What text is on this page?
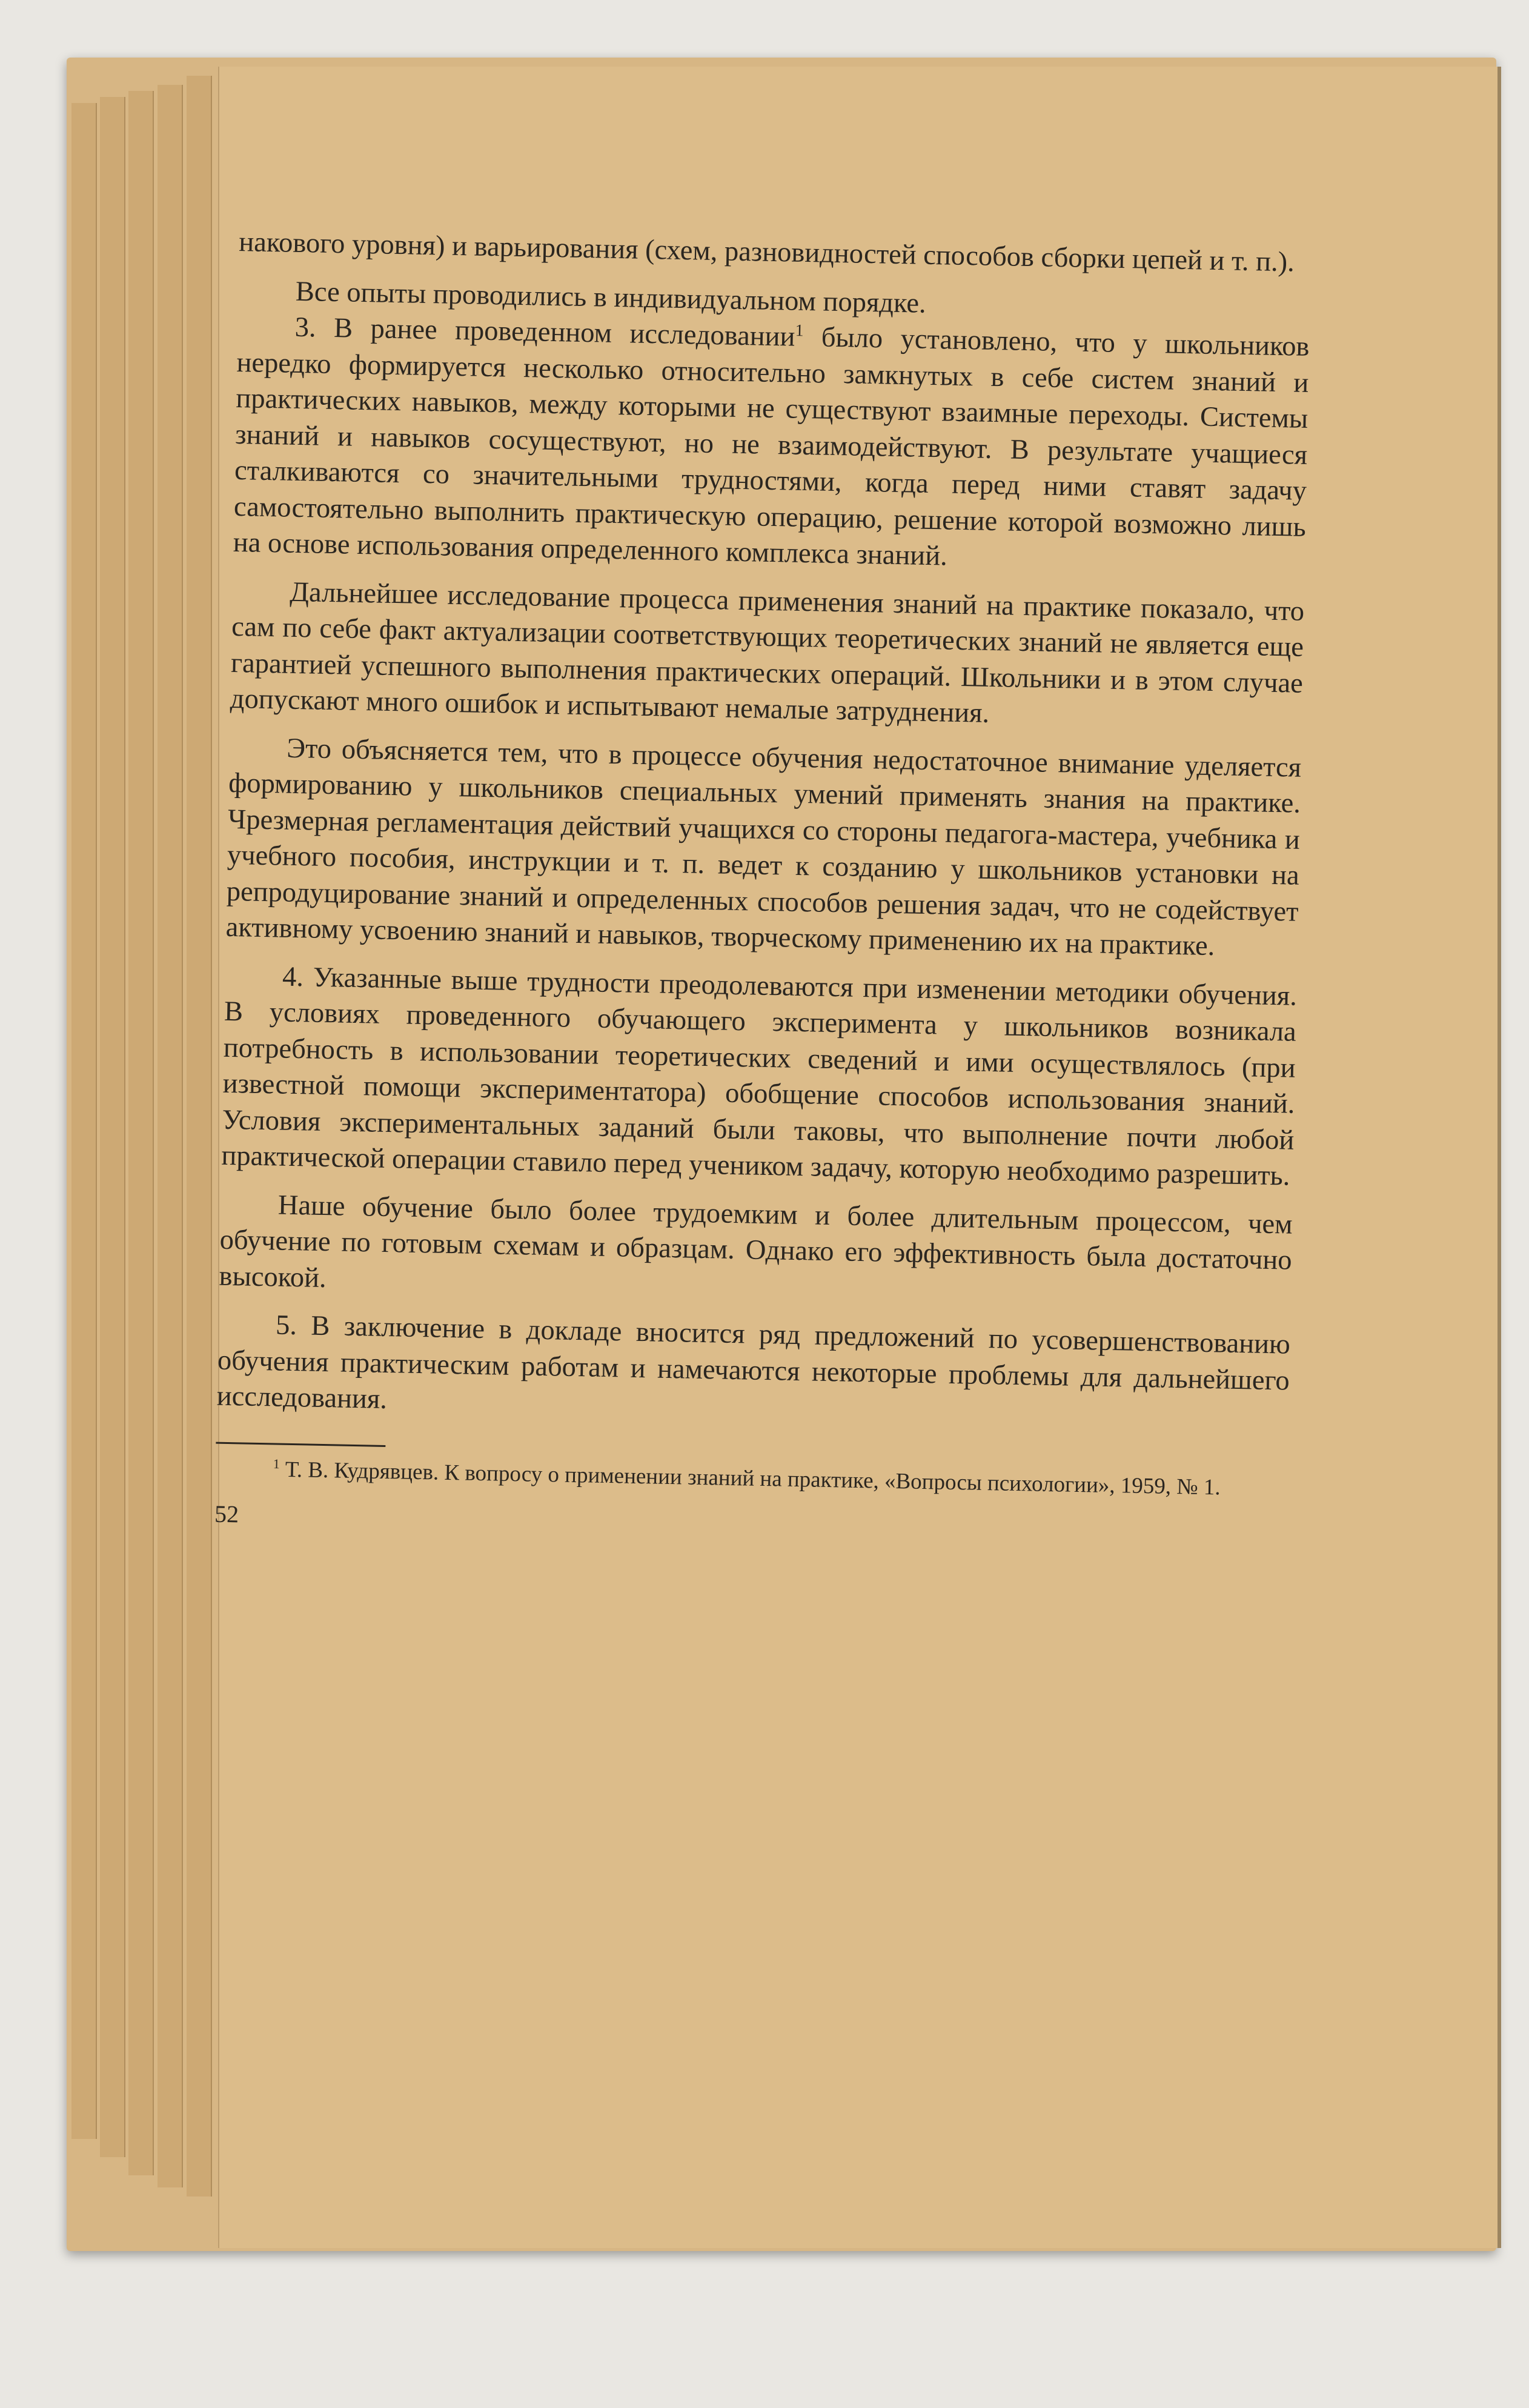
накового уровня) и варьирования (схем, разновидностей способов сборки цепей и т. п.).

Все опыты проводились в индивидуальном порядке.

3. В ранее проведенном исследовании$^1$ было установлено, что у школьников нередко формируется несколько относительно замкнутых в себе систем знаний и практических навыков, между которыми не существуют взаимные переходы. Системы знаний и навыков сосуществуют, но не взаимодействуют. В результате учащиеся сталкиваются со значительными трудностями, когда перед ними ставят задачу самостоятельно выполнить практическую операцию, решение которой возможно лишь на основе использования определенного комплекса знаний.

Дальнейшее исследование процесса применения знаний на практике показало, что сам по себе факт актуализации соответствующих теоретических знаний не является еще гарантией успешного выполнения практических операций. Школьники и в этом случае допускают много ошибок и испытывают немалые затруднения.

Это объясняется тем, что в процессе обучения недостаточное внимание уделяется формированию у школьников специальных умений применять знания на практике. Чрезмерная регламентация действий учащихся со стороны педагога-мастера, учебника и учебного пособия, инструкции и т. п. ведет к созданию у школьников установки на репродуцирование знаний и определенных способов решения задач, что не содействует активному усвоению знаний и навыков, творческому применению их на практике.

4. Указанные выше трудности преодолеваются при изменении методики обучения. В условиях проведенного обучающего эксперимента у школьников возникала потребность в использовании теоретических сведений и ими осуществлялось (при известной помощи экспериментатора) обобщение способов использования знаний. Условия экспериментальных заданий были таковы, что выполнение почти любой практической операции ставило перед учеником задачу, которую необходимо разрешить.

Наше обучение было более трудоемким и более длительным процессом, чем обучение по готовым схемам и образцам. Однако его эффективность была достаточно высокой.

5. В заключение в докладе вносится ряд предложений по усовершенствованию обучения практическим работам и намечаются некоторые проблемы для дальнейшего исследования.

$^1$ Т. В. Кудрявцев. К вопросу о применении знаний на практике, «Вопросы психологии», 1959, № 1.

52
